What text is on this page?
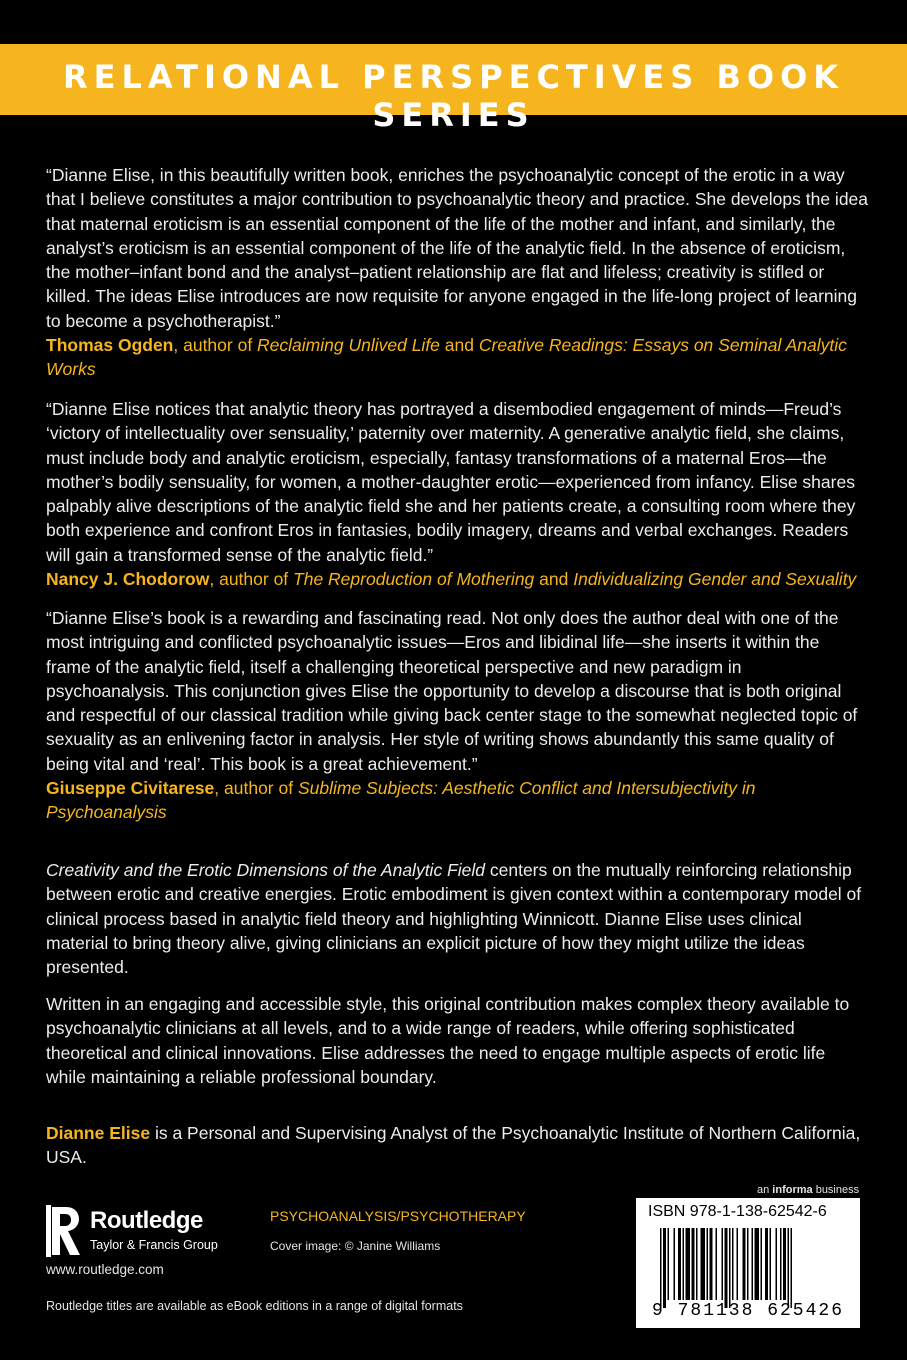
RELATIONAL PERSPECTIVES BOOK SERIES

“Dianne Elise, in this beautifully written book, enriches the psychoanalytic concept of the erotic in a way that I believe constitutes a major contribution to psychoanalytic theory and practice. She develops the idea that maternal eroticism is an essential component of the life of the mother and infant, and similarly, the analyst’s eroticism is an essential component of the life of the analytic field. In the absence of eroticism, the mother–infant bond and the analyst–patient relationship are flat and lifeless; creativity is stifled or killed. The ideas Elise introduces are now requisite for anyone engaged in the life-long project of learning to become a psychotherapist.”

Thomas Ogden, author of Reclaiming Unlived Life and Creative Readings: Essays on Seminal Analytic Works

“Dianne Elise notices that analytic theory has portrayed a disembodied engagement of minds—Freud’s ‘victory of intellectuality over sensuality,’ paternity over maternity. A generative analytic field, she claims, must include body and analytic eroticism, especially, fantasy transformations of a maternal Eros—the mother’s bodily sensuality, for women, a mother-daughter erotic—experienced from infancy. Elise shares palpably alive descriptions of the analytic field she and her patients create, a consulting room where they both experience and confront Eros in fantasies, bodily imagery, dreams and verbal exchanges. Readers will gain a transformed sense of the analytic field.”

Nancy J. Chodorow, author of The Reproduction of Mothering and Individualizing Gender and Sexuality

“Dianne Elise’s book is a rewarding and fascinating read. Not only does the author deal with one of the most intriguing and conflicted psychoanalytic issues—Eros and libidinal life—she inserts it within the frame of the analytic field, itself a challenging theoretical perspective and new paradigm in psychoanalysis. This conjunction gives Elise the opportunity to develop a discourse that is both original and respectful of our classical tradition while giving back center stage to the somewhat neglected topic of sexuality as an enlivening factor in analysis. Her style of writing shows abundantly this same quality of being vital and ‘real’. This book is a great achievement.”

Giuseppe Civitarese, author of Sublime Subjects: Aesthetic Conflict and Intersubjectivity in Psychoanalysis

Creativity and the Erotic Dimensions of the Analytic Field centers on the mutually reinforcing relationship between erotic and creative energies. Erotic embodiment is given context within a contemporary model of clinical process based in analytic field theory and highlighting Winnicott. Dianne Elise uses clinical material to bring theory alive, giving clinicians an explicit picture of how they might utilize the ideas presented.

Written in an engaging and accessible style, this original contribution makes complex theory available to psychoanalytic clinicians at all levels, and to a wide range of readers, while offering sophisticated theoretical and clinical innovations. Elise addresses the need to engage multiple aspects of erotic life while maintaining a reliable professional boundary.

Dianne Elise is a Personal and Supervising Analyst of the Psychoanalytic Institute of Northern California, USA.

Routledge
Taylor & Francis Group
www.routledge.com
Routledge titles are available as eBook editions in a range of digital formats
PSYCHOANALYSIS/PSYCHOTHERAPY
Cover image: © Janine Williams
an informa business
ISBN 978-1-138-62542-6
9 781138 625426
